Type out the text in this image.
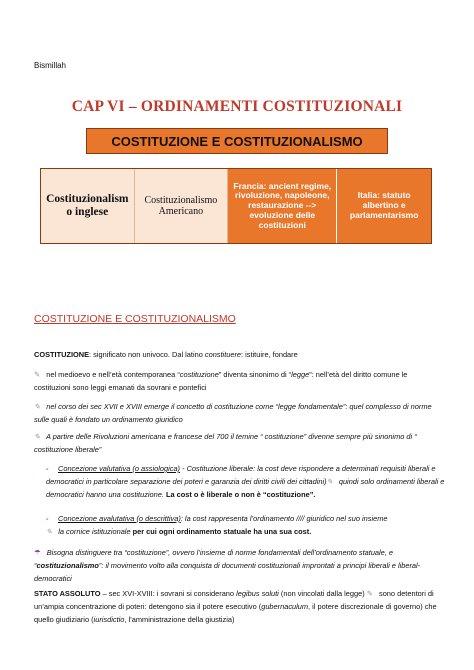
Bismillah
CAP VI – ORDINAMENTI COSTITUZIONALI
COSTITUZIONE E COSTITUZIONALISMO
Costituzionalism o inglese
Costituzionalismo Americano
Francia: ancient regime, rivoluzione, napoleone, restaurazione --> evoluzione delle costituzioni
Italia: statuto albertino e parlamentarismo
COSTITUZIONE E COSTITUZIONALISMO
COSTITUZIONE: significato non univoco. Dal latino constituere: istituire, fondare
✎ nel medioevo e nell’età contemporanea “costituzione” diventa sinonimo di “legge”: nell’età del diritto comune le costituzioni sono leggi emanati da sovrani e pontefici
✎ nel corso dei sec XVII e XVIII emerge il concetto di costituzione come “legge fondamentale”: quel complesso di norme sulle quali è fondato un ordinamento giuridico
✎ A partire delle Rivoluzioni americana e francese del 700 il temine “ costituzione” divenne sempre più sinonimo di “ costituzione liberale”
- Concezione valutativa (o assiologica) - Costituzione liberale: la cost deve rispondere a determinati requisiti liberali e democratici in particolare separazione dei poteri e garanzia dei diritti civili dei cittadini)✎ quindi solo ordinamenti liberali e democratici hanno una costituzione. La cost o è liberale o non è “costituzione”.
- Concezione avalutativa (o descrittiva): la cost rappresenta l’ordinamento //// giuridico nel suo insieme
✎ la cornice istituzionale per cui ogni ordinamento statuale ha una sua cost.
☂ Bisogna distinguere tra “costituzione”, ovvero l’insieme di norme fondamentali dell’ordinamento statuale, e “costituzionalismo”: il movimento volto alla conquista di documenti costituzionali improntati a principi liberali e liberal-democratici
STATO ASSOLUTO – sec XVI-XVIII: i sovrani si considerano legibus soluti (non vincolati dalla legge) ✎ sono detentori di un’ampia concentrazione di poteri: detengono sia il potere esecutivo (gubernaculum, il potere discrezionale di governo) che quello giudiziario (iurisdictio, l’amministrazione della giustizia)
